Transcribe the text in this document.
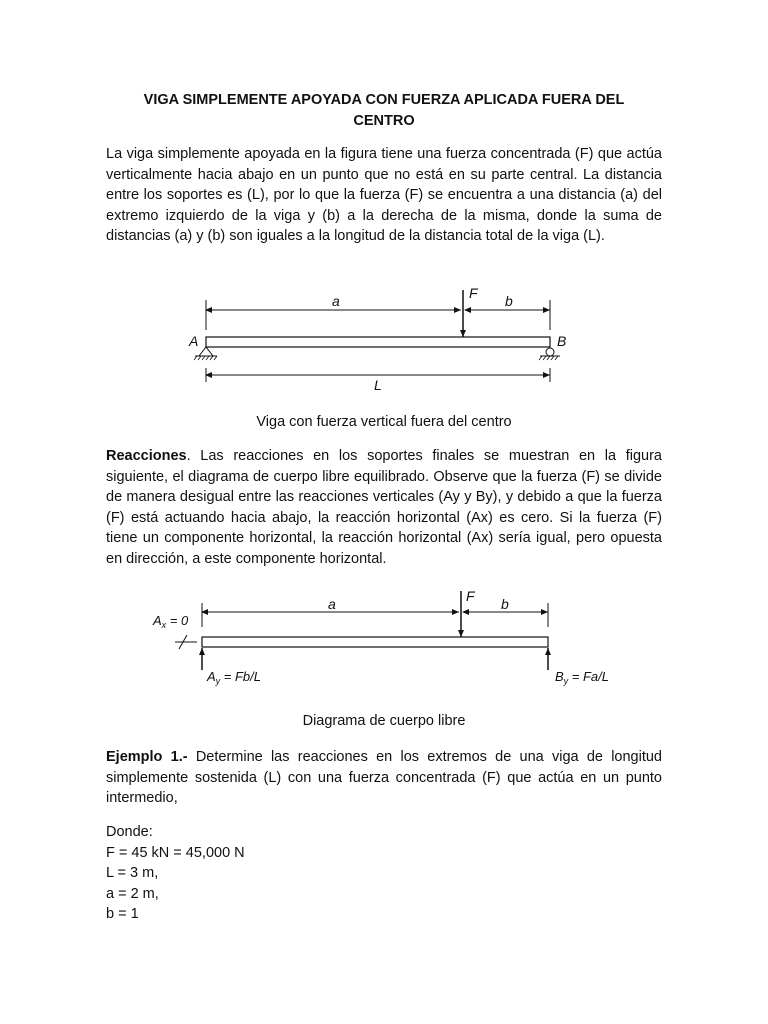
VIGA SIMPLEMENTE APOYADA CON FUERZA APLICADA FUERA DEL
CENTRO
La viga simplemente apoyada en la figura tiene una fuerza concentrada (F) que actúa verticalmente hacia abajo en un punto que no está en su parte central. La distancia entre los soportes es (L), por lo que la fuerza (F) se encuentra a una distancia (a) del extremo izquierdo de la viga y (b) a la derecha de la misma, donde la suma de distancias (a) y (b) son iguales a la longitud de la distancia total de la viga (L).
a	b
F
A	B
L
Viga con fuerza vertical fuera del centro
Reacciones. Las reacciones en los soportes finales se muestran en la figura siguiente, el diagrama de cuerpo libre equilibrado. Observe que la fuerza (F) se divide de manera desigual entre las reacciones verticales (Ay y By), y debido a que la fuerza (F) está actuando hacia abajo, la reacción horizontal (Ax) es cero. Si la fuerza (F) tiene un componente horizontal, la reacción horizontal (Ax) sería igual, pero opuesta en dirección, a este componente horizontal.
a	b
F
$A_x = 0$
$A_y = Fb/L$	$B_y = Fa/L$
Diagrama de cuerpo libre
Ejemplo 1.- Determine las reacciones en los extremos de una viga de longitud simplemente sostenida (L) con una fuerza concentrada (F) que actúa en un punto intermedio,
Donde:
F = 45 kN = 45,000 N
L = 3 m,
a = 2 m,
b = 1
